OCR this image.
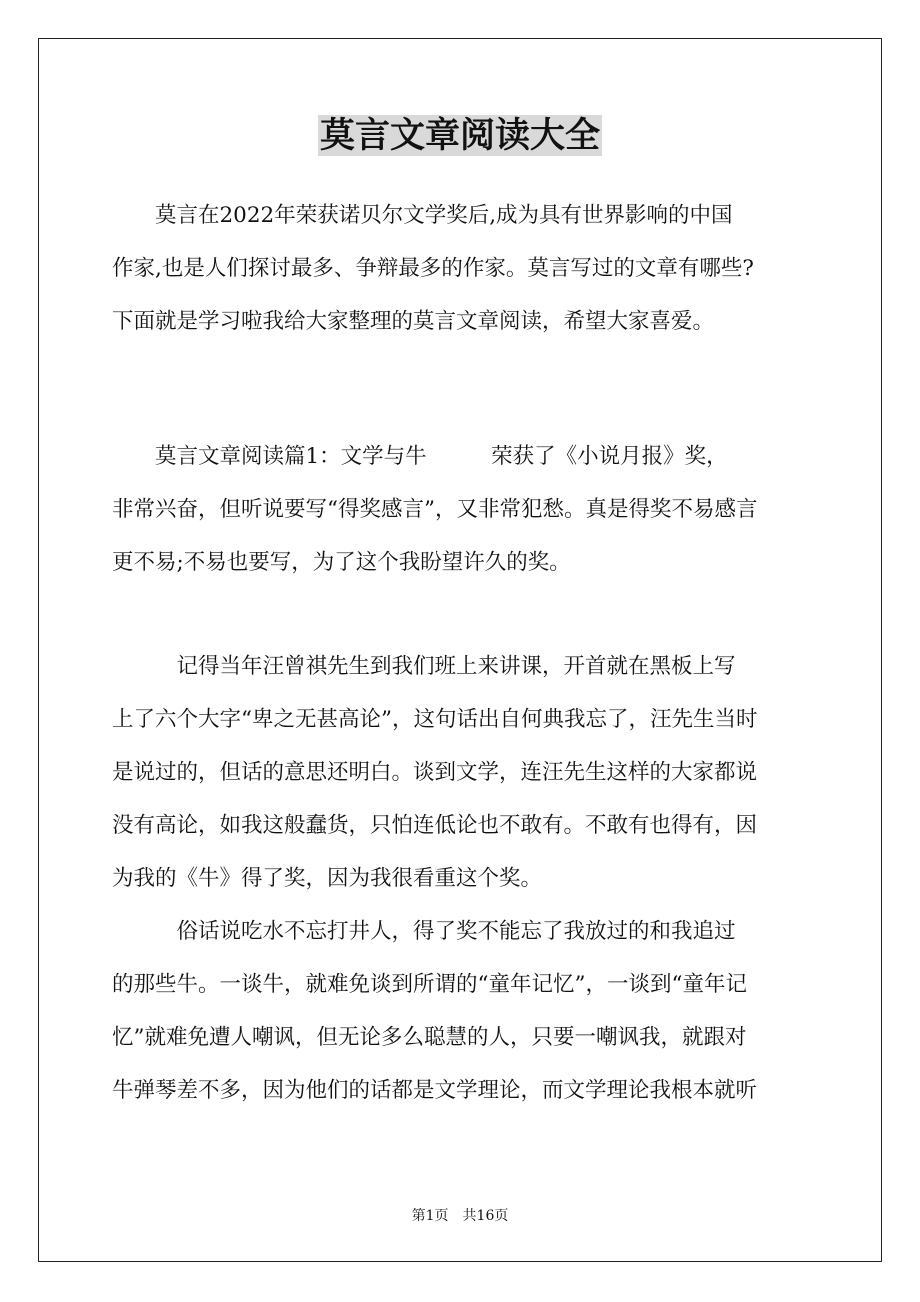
莫言文章阅读大全
　　莫言在2022年荣获诺贝尔文学奖后,成为具有世界影响的中国
作家,也是人们探讨最多、争辩最多的作家。莫言写过的文章有哪些?
下面就是学习啦我给大家整理的莫言文章阅读，希望大家喜爱。
　　莫言文章阅读篇1：文学与牛　　　荣获了《小说月报》奖，
非常兴奋，但听说要写“得奖感言”，又非常犯愁。真是得奖不易感言
更不易;不易也要写，为了这个我盼望许久的奖。
　　　记得当年汪曾祺先生到我们班上来讲课，开首就在黑板上写
上了六个大字“卑之无甚高论”，这句话出自何典我忘了，汪先生当时
是说过的，但话的意思还明白。谈到文学，连汪先生这样的大家都说
没有高论，如我这般蠢货，只怕连低论也不敢有。不敢有也得有，因
为我的《牛》得了奖，因为我很看重这个奖。
　　　俗话说吃水不忘打井人，得了奖不能忘了我放过的和我追过
的那些牛。一谈牛，就难免谈到所谓的“童年记忆”，一谈到“童年记
忆”就难免遭人嘲讽，但无论多么聪慧的人，只要一嘲讽我，就跟对
牛弹琴差不多，因为他们的话都是文学理论，而文学理论我根本就听
第1页　共16页
